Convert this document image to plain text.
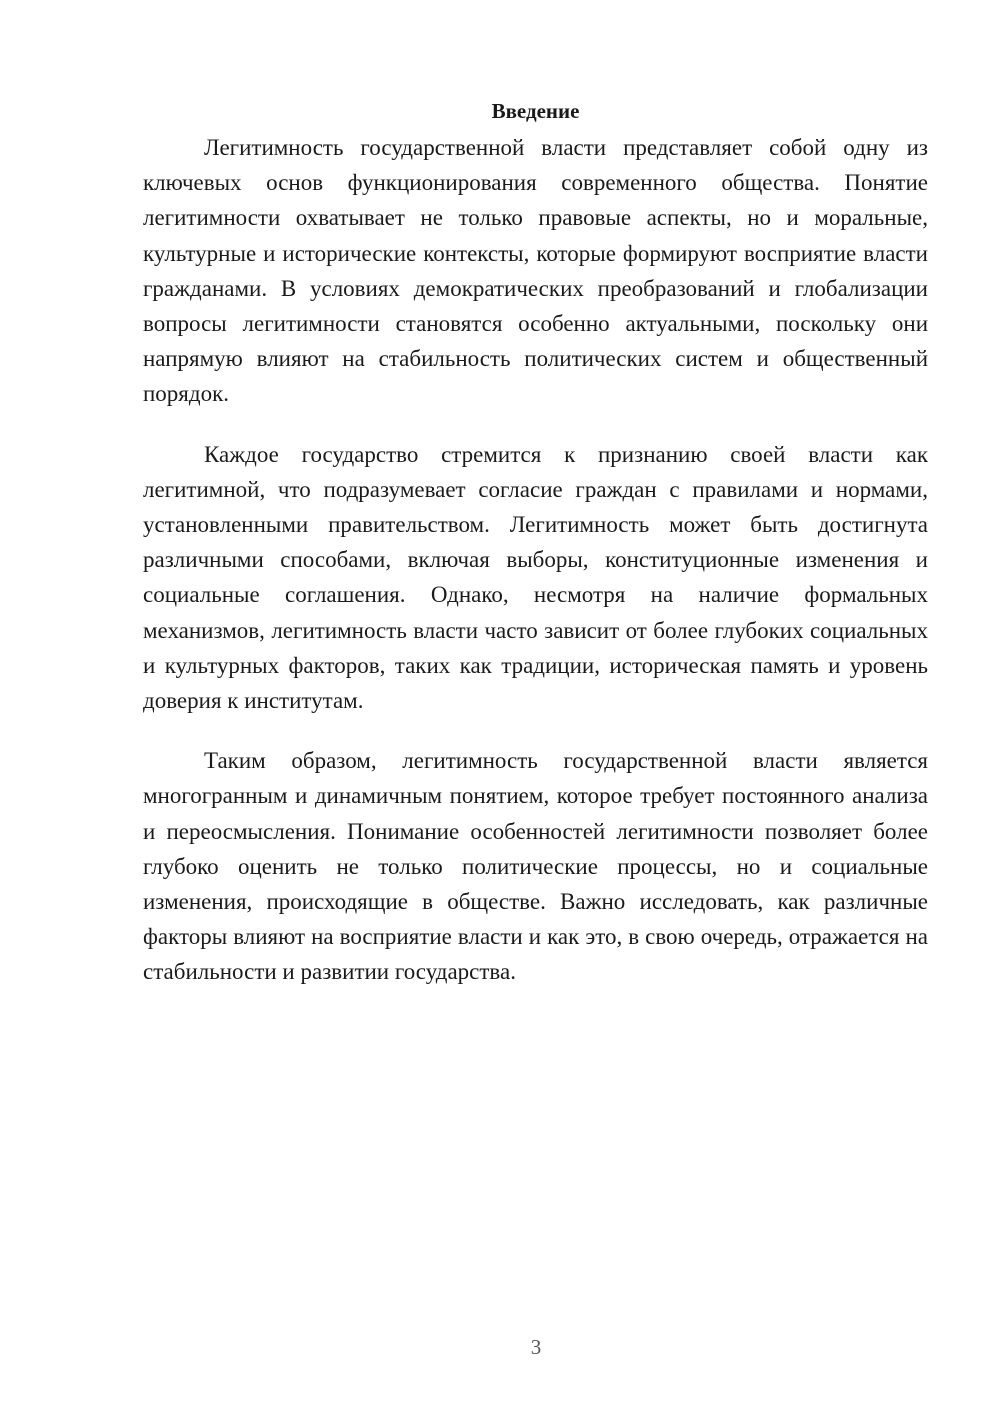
Введение

Легитимность государственной власти представляет собой одну из ключевых основ функционирования современного общества. Понятие легитимности охватывает не только правовые аспекты, но и моральные, культурные и исторические контексты, которые формируют восприятие власти гражданами. В условиях демократических преобразований и глобализации вопросы легитимности становятся особенно актуальными, поскольку они напрямую влияют на стабильность политических систем и общественный порядок.

Каждое государство стремится к признанию своей власти как легитимной, что подразумевает согласие граждан с правилами и нормами, установленными правительством. Легитимность может быть достигнута различными способами, включая выборы, конституционные изменения и социальные соглашения. Однако, несмотря на наличие формальных механизмов, легитимность власти часто зависит от более глубоких социальных и культурных факторов, таких как традиции, историческая память и уровень доверия к институтам.

Таким образом, легитимность государственной власти является многогранным и динамичным понятием, которое требует постоянного анализа и переосмысления. Понимание особенностей легитимности позволяет более глубоко оценить не только политические процессы, но и социальные изменения, происходящие в обществе. Важно исследовать, как различные факторы влияют на восприятие власти и как это, в свою очередь, отражается на стабильности и развитии государства.

3
